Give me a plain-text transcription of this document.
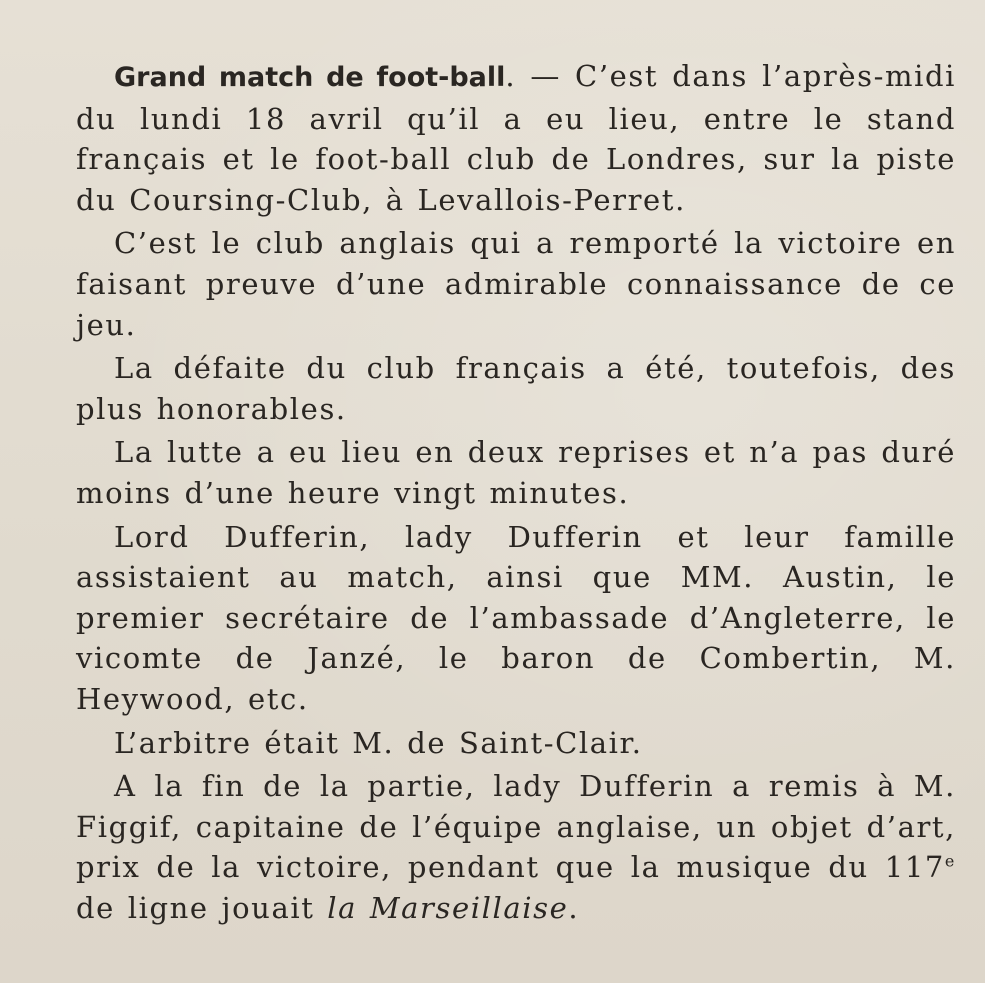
Grand match de foot-ball. — C’est dans l’après-midi du lundi 18 avril qu’il a eu lieu, entre le stand français et le foot-ball club de Londres, sur la piste du Coursing-Club, à Levallois-Perret.

C’est le club anglais qui a remporté la victoire en faisant preuve d’une admirable connaissance de ce jeu.

La défaite du club français a été, toutefois, des plus honorables.

La lutte a eu lieu en deux reprises et n’a pas duré moins d’une heure vingt minutes.

Lord Dufferin, lady Dufferin et leur famille assistaient au match, ainsi que MM. Austin, le premier secrétaire de l’ambassade d’Angleterre, le vicomte de Janzé, le baron de Combertin, M. Heywood, etc.

L’arbitre était M. de Saint-Clair.

A la fin de la partie, lady Dufferin a remis à M. Figgif, capitaine de l’équipe anglaise, un objet d’art, prix de la victoire, pendant que la musique du 117e de ligne jouait la Marseillaise.
